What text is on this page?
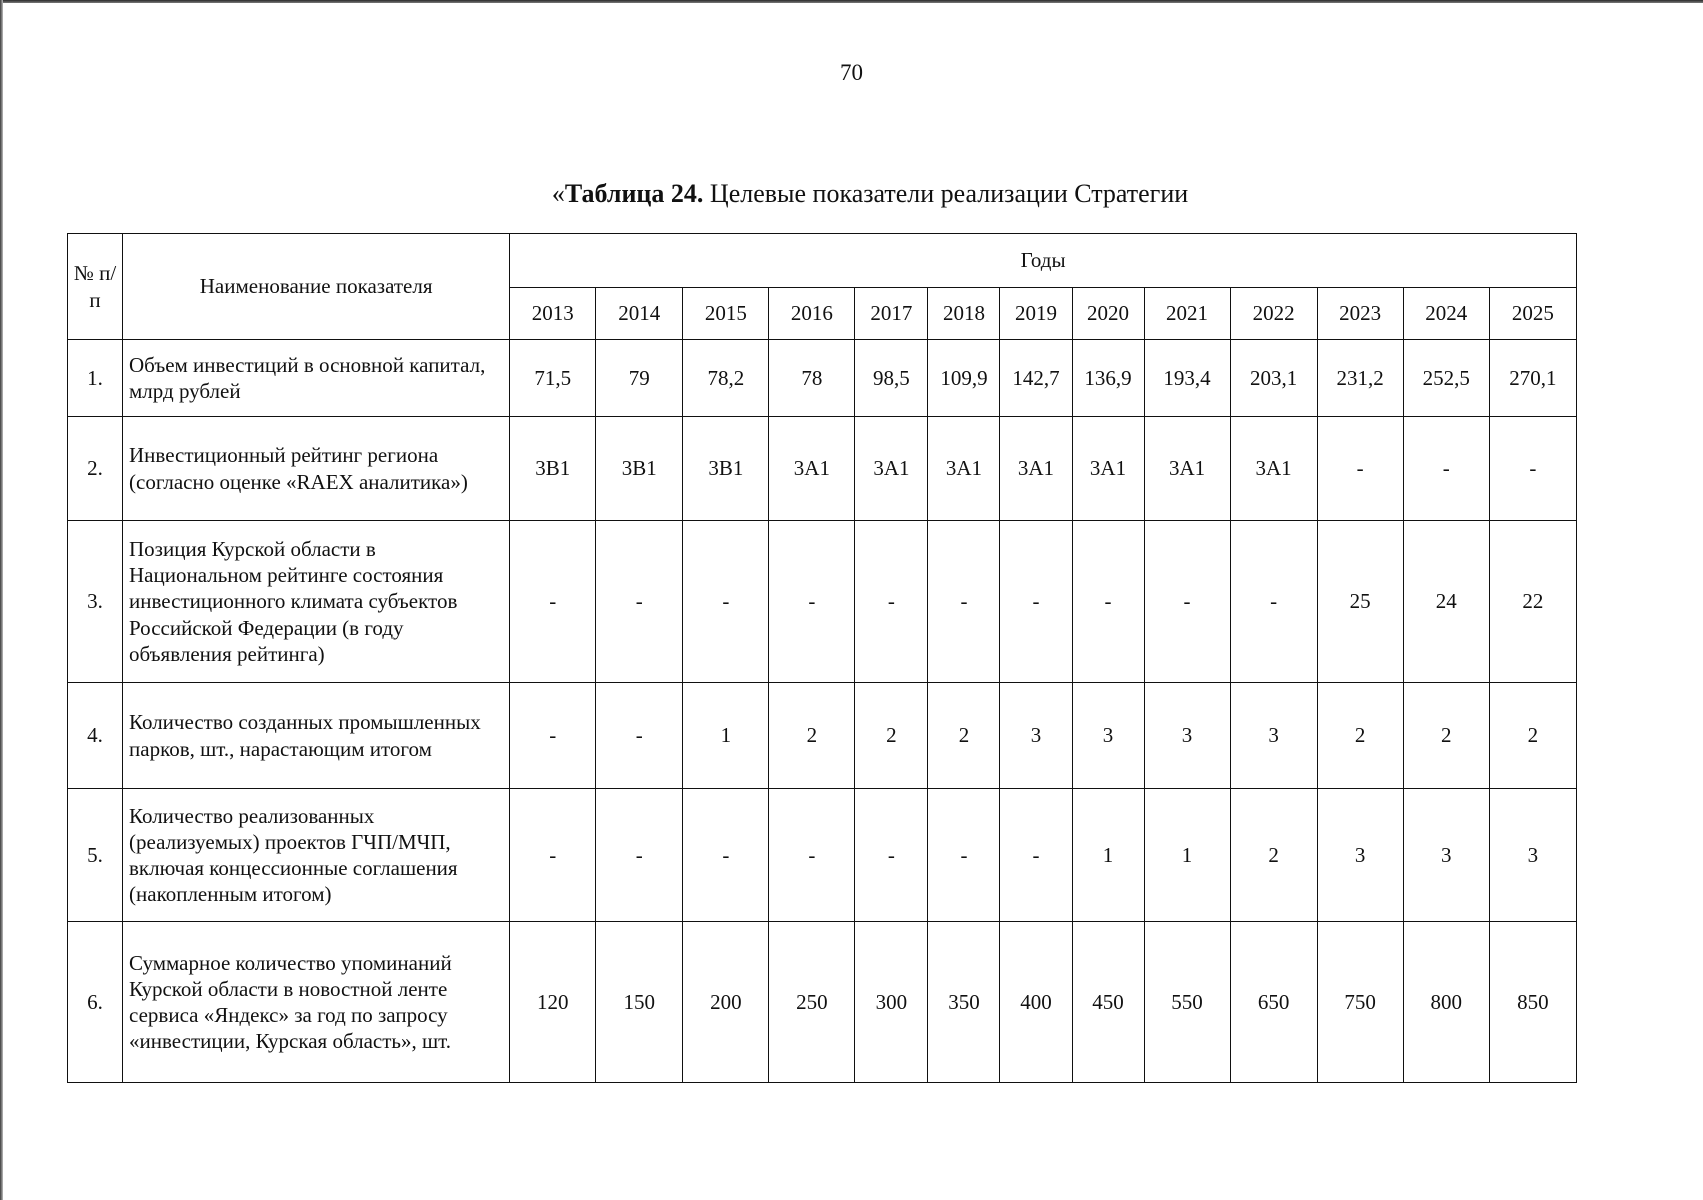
70
«Таблица 24. Целевые показатели реализации Стратегии
№ п/п	Наименование показателя	Годы												
		2013	2014	2015	2016	2017	2018	2019	2020	2021	2022	2023	2024	2025
1.	Объем инвестиций в основной капитал, млрд рублей	71,5	79	78,2	78	98,5	109,9	142,7	136,9	193,4	203,1	231,2	252,5	270,1
2.	Инвестиционный рейтинг региона (согласно оценке «RAEX аналитика»)	3В1	3В1	3В1	3А1	3А1	3А1	3А1	3А1	3А1	3А1	-	-	-
3.	Позиция Курской области в Национальном рейтинге состояния инвестиционного климата субъектов Российской Федерации (в году объявления рейтинга)	-	-	-	-	-	-	-	-	-	-	25	24	22
4.	Количество созданных промышленных парков, шт., нарастающим итогом	-	-	1	2	2	2	3	3	3	3	2	2	2
5.	Количество реализованных (реализуемых) проектов ГЧП/МЧП, включая концессионные соглашения (накопленным итогом)	-	-	-	-	-	-	-	1	1	2	3	3	3
6.	Суммарное количество упоминаний Курской области в новостной ленте сервиса «Яндекс» за год по запросу «инвестиции, Курская область», шт.	120	150	200	250	300	350	400	450	550	650	750	800	850
